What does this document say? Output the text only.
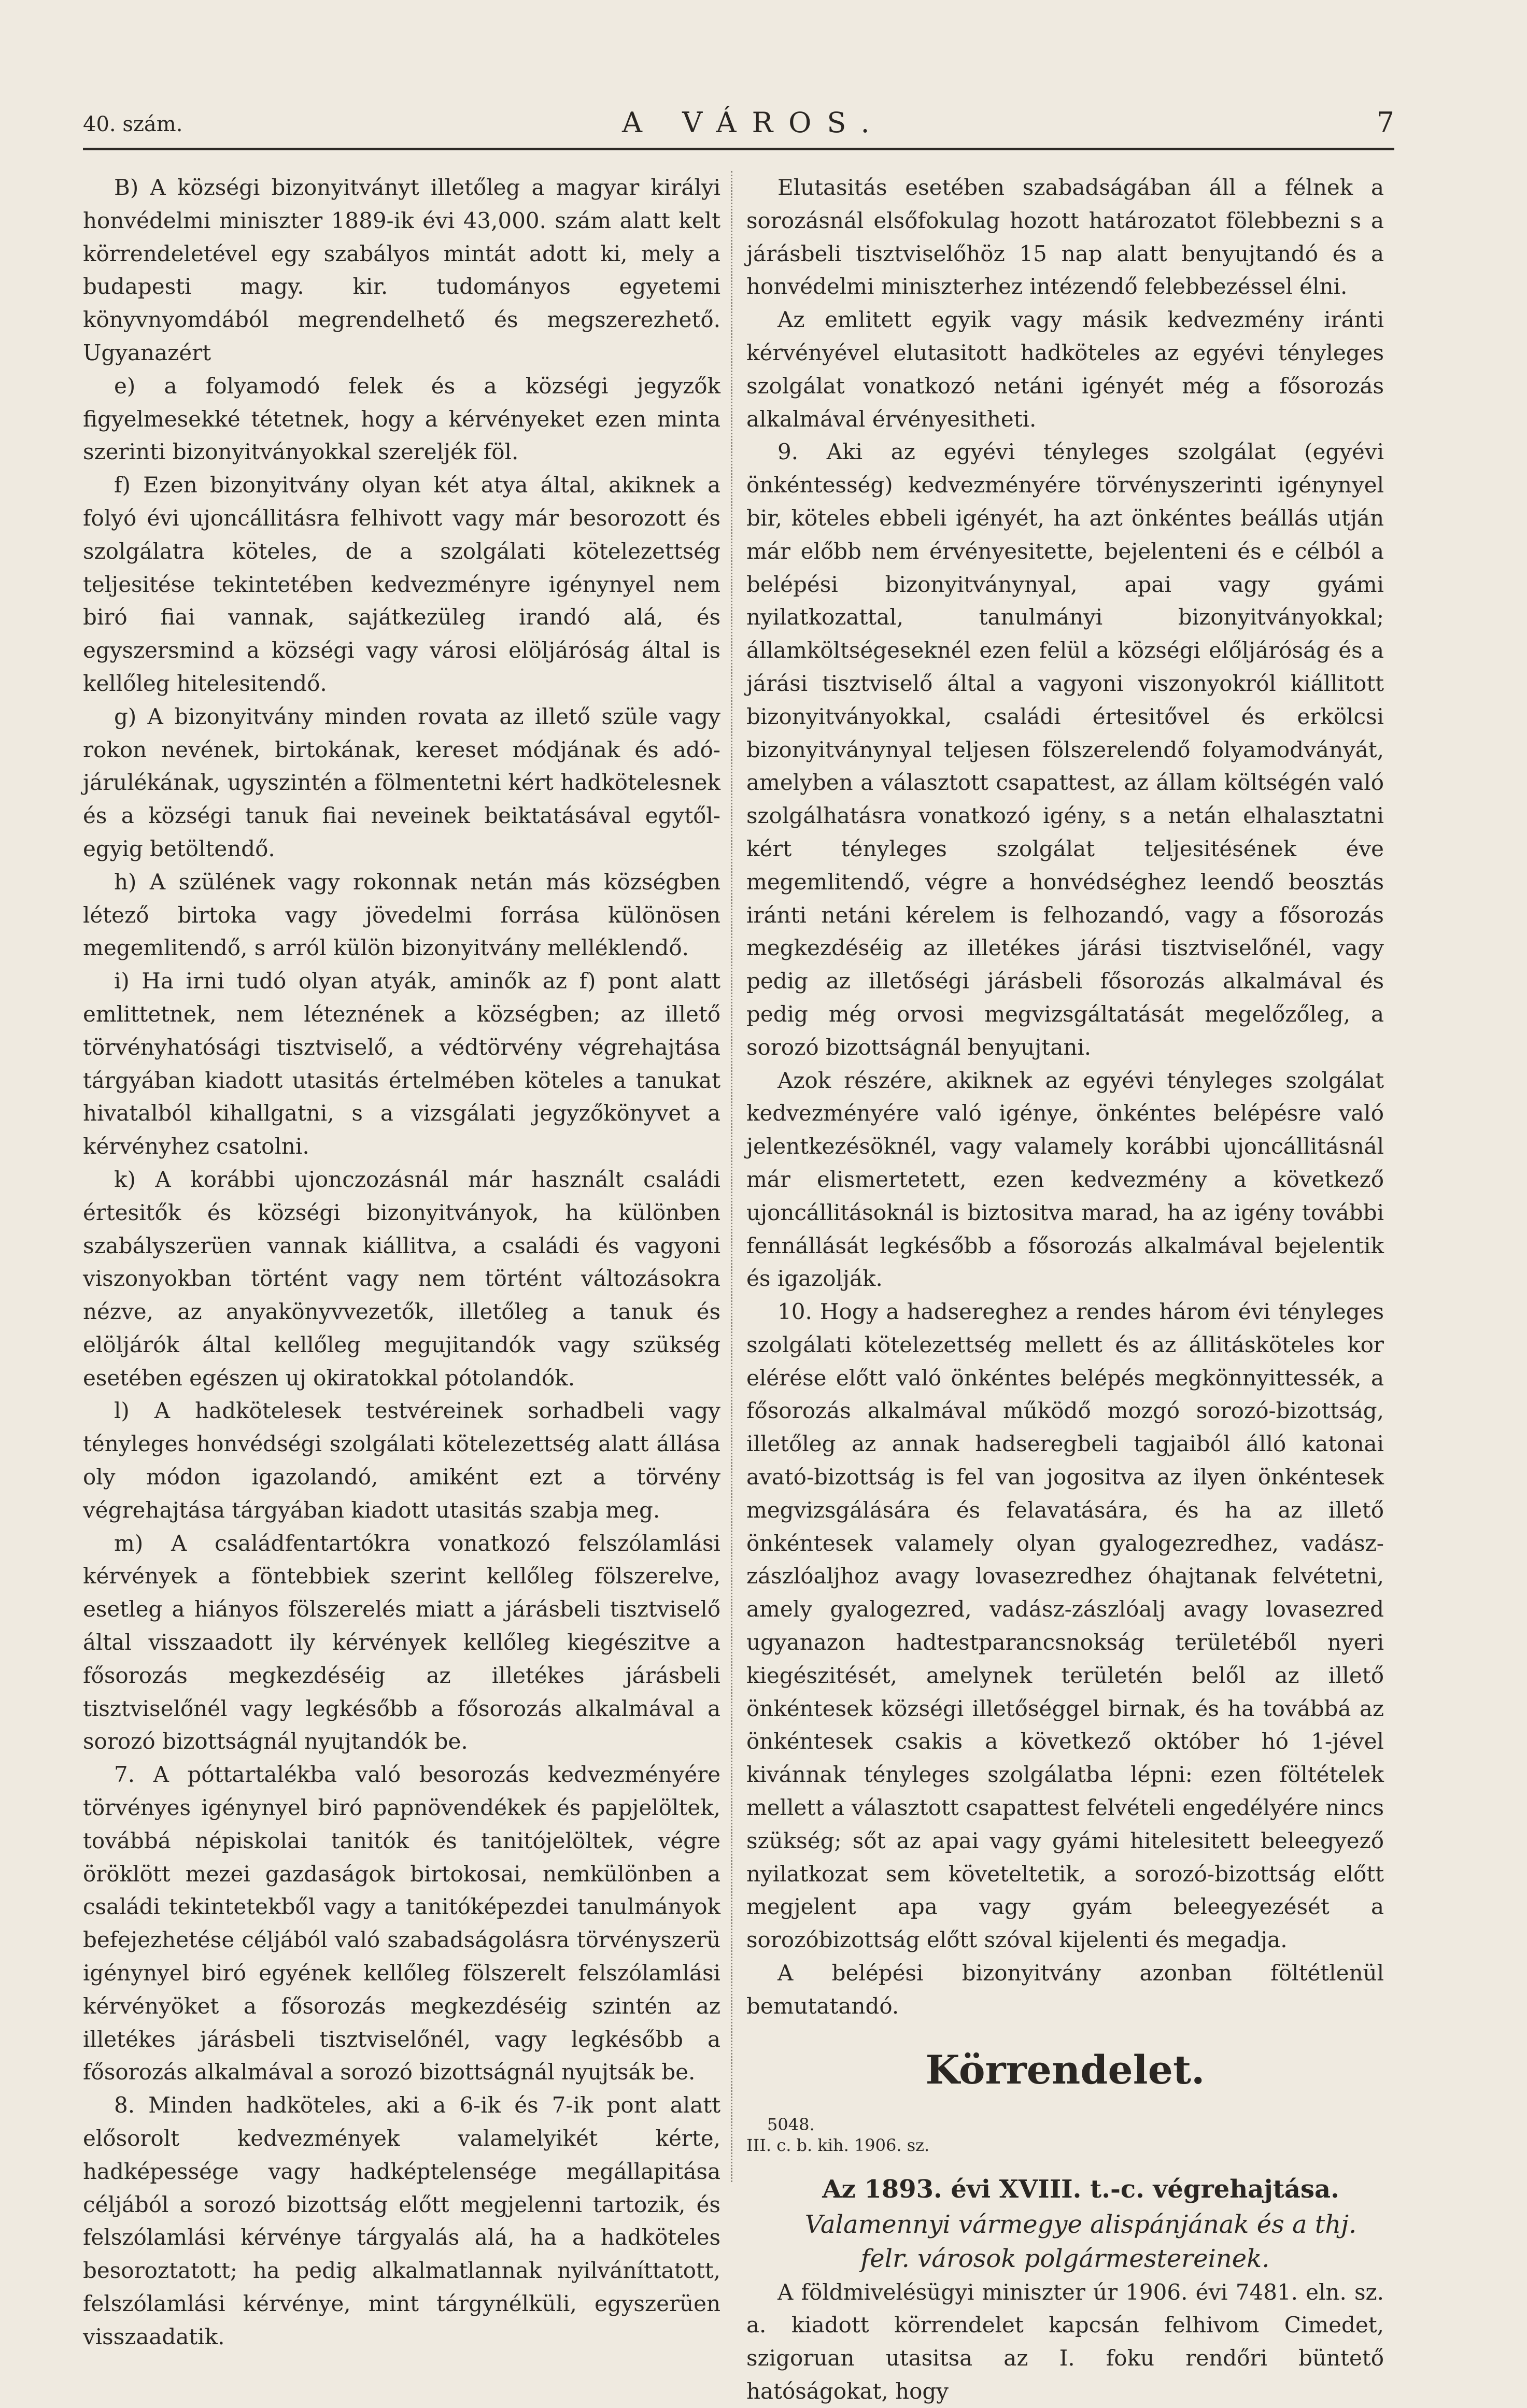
40. szám.	A VÁROS.	7

B) A községi bizonyitványt illetőleg a magyar királyi honvédelmi miniszter 1889-ik évi 43,000. szám alatt kelt körrendeletével egy szabályos mintát adott ki, mely a budapesti magy. kir. tudományos egyetemi könyvnyomdából megrendelhető és megszerezhető. Ugyanazért

e) a folyamodó felek és a községi jegyzők figyelmesekké tétetnek, hogy a kérvényeket ezen minta szerinti bizonyitványokkal szereljék föl.

f) Ezen bizonyitvány olyan két atya által, akiknek a folyó évi ujoncállitásra felhivott vagy már besorozott és szolgálatra köteles, de a szolgálati kötelezettség teljesitése tekintetében kedvezményre igénynyel nem biró fiai vannak, sajátkezüleg irandó alá, és egyszersmind a községi vagy városi elöljáróság által is kellőleg hitelesitendő.

g) A bizonyitvány minden rovata az illető szüle vagy rokon nevének, birtokának, kereset módjának és adó-járulékának, ugyszintén a fölmentetni kért hadkötelesnek és a községi tanuk fiai neveinek beiktatásával egytől-egyig betöltendő.

h) A szülének vagy rokonnak netán más községben létező birtoka vagy jövedelmi forrása különösen megemlitendő, s arról külön bizonyitvány melléklendő.

i) Ha irni tudó olyan atyák, aminők az f) pont alatt emlittetnek, nem léteznének a községben; az illető törvényhatósági tisztviselő, a védtörvény végrehajtása tárgyában kiadott utasitás értelmében köteles a tanukat hivatalból kihallgatni, s a vizsgálati jegyzőkönyvet a kérvényhez csatolni.

k) A korábbi ujonczozásnál már használt családi értesitők és községi bizonyitványok, ha különben szabályszerüen vannak kiállitva, a családi és vagyoni viszonyokban történt vagy nem történt változásokra nézve, az anyakönyvvezetők, illetőleg a tanuk és elöljárók által kellőleg megujitandók vagy szükség esetében egészen uj okiratokkal pótolandók.

l) A hadkötelesek testvéreinek sorhadbeli vagy tényleges honvédségi szolgálati kötelezettség alatt állása oly módon igazolandó, amiként ezt a törvény végrehajtása tárgyában kiadott utasitás szabja meg.

m) A családfentartókra vonatkozó felszólamlási kérvények a föntebbiek szerint kellőleg fölszerelve, esetleg a hiányos fölszerelés miatt a járásbeli tisztviselő által visszaadott ily kérvények kellőleg kiegészitve a fősorozás megkezdéséig az illetékes járásbeli tisztviselőnél vagy legkésőbb a fősorozás alkalmával a sorozó bizottságnál nyujtandók be.

7. A póttartalékba való besorozás kedvezményére törvényes igénynyel biró papnövendékek és papjelöltek, továbbá népiskolai tanitók és tanitójelöltek, végre öröklött mezei gazdaságok birtokosai, nemkülönben a családi tekintetekből vagy a tanitóképezdei tanulmányok befejezhetése céljából való szabadságolásra törvényszerü igénynyel biró egyének kellőleg fölszerelt felszólamlási kérvényöket a fősorozás megkezdéséig szintén az illetékes járásbeli tisztviselőnél, vagy legkésőbb a fősorozás alkalmával a sorozó bizottságnál nyujtsák be.

8. Minden hadköteles, aki a 6-ik és 7-ik pont alatt elősorolt kedvezmények valamelyikét kérte, hadképessége vagy hadképtelensége megállapitása céljából a sorozó bizottság előtt megjelenni tartozik, és felszólamlási kérvénye tárgyalás alá, ha a hadköteles besoroztatott; ha pedig alkalmatlannak nyilváníttatott, felszólamlási kérvénye, mint tárgynélküli, egyszerüen visszaadatik.

Elutasitás esetében szabadságában áll a félnek a sorozásnál elsőfokulag hozott határozatot fölebbezni s a járásbeli tisztviselőhöz 15 nap alatt benyujtandó és a honvédelmi miniszterhez intézendő felebbezéssel élni.

Az emlitett egyik vagy másik kedvezmény iránti kérvényével elutasitott hadköteles az egyévi tényleges szolgálat vonatkozó netáni igényét még a fősorozás alkalmával érvényesitheti.

9. Aki az egyévi tényleges szolgálat (egyévi önkéntesség) kedvezményére törvényszerinti igénynyel bir, köteles ebbeli igényét, ha azt önkéntes beállás utján már előbb nem érvényesitette, bejelenteni és e célból a belépési bizonyitványnyal, apai vagy gyámi nyilatkozattal, tanulmányi bizonyitványokkal; államköltségeseknél ezen felül a községi előljáróság és a járási tisztviselő által a vagyoni viszonyokról kiállitott bizonyitványokkal, családi értesitővel és erkölcsi bizonyitványnyal teljesen fölszerelendő folyamodványát, amelyben a választott csapattest, az állam költségén való szolgálhatásra vonatkozó igény, s a netán elhalasztatni kért tényleges szolgálat teljesitésének éve megemlitendő, végre a honvédséghez leendő beosztás iránti netáni kérelem is felhozandó, vagy a fősorozás megkezdéséig az illetékes járási tisztviselőnél, vagy pedig az illetőségi járásbeli fősorozás alkalmával és pedig még orvosi megvizsgáltatását megelőzőleg, a sorozó bizottságnál benyujtani.

Azok részére, akiknek az egyévi tényleges szolgálat kedvezményére való igénye, önkéntes belépésre való jelentkezésöknél, vagy valamely korábbi ujoncállitásnál már elismertetett, ezen kedvezmény a következő ujoncállitásoknál is biztositva marad, ha az igény további fennállását legkésőbb a fősorozás alkalmával bejelentik és igazolják.

10. Hogy a hadsereghez a rendes három évi tényleges szolgálati kötelezettség mellett és az állitásköteles kor elérése előtt való önkéntes belépés megkönnyittessék, a fősorozás alkalmával működő mozgó sorozó-bizottság, illetőleg az annak hadseregbeli tagjaiból álló katonai avató-bizottság is fel van jogositva az ilyen önkéntesek megvizsgálására és felavatására, és ha az illető önkéntesek valamely olyan gyalogezredhez, vadász-zászlóaljhoz avagy lovasezredhez óhajtanak felvétetni, amely gyalogezred, vadász-zászlóalj avagy lovasezred ugyanazon hadtestparancsnokság területéből nyeri kiegészitését, amelynek területén belől az illető önkéntesek községi illetőséggel birnak, és ha továbbá az önkéntesek csakis a következő október hó 1-jével kivánnak tényleges szolgálatba lépni: ezen föltételek mellett a választott csapattest felvételi engedélyére nincs szükség; sőt az apai vagy gyámi hitelesitett beleegyező nyilatkozat sem követeltetik, a sorozó-bizottság előtt megjelent apa vagy gyám beleegyezését a sorozóbizottság előtt szóval kijelenti és megadja.

A belépési bizonyitvány azonban föltétlenül bemutatandó.

Körrendelet.

5048.
III. c. b. kih. 1906. sz.

Az 1893. évi XVIII. t.-c. végrehajtása.

Valamennyi vármegye alispánjának és a thj. felr. városok polgármestereinek.

A földmivelésügyi miniszter úr 1906. évi 7481. eln. sz. a. kiadott körrendelet kapcsán felhivom Cimedet, szigoruan utasitsa az I. foku rendőri büntető hatóságokat, hogy
